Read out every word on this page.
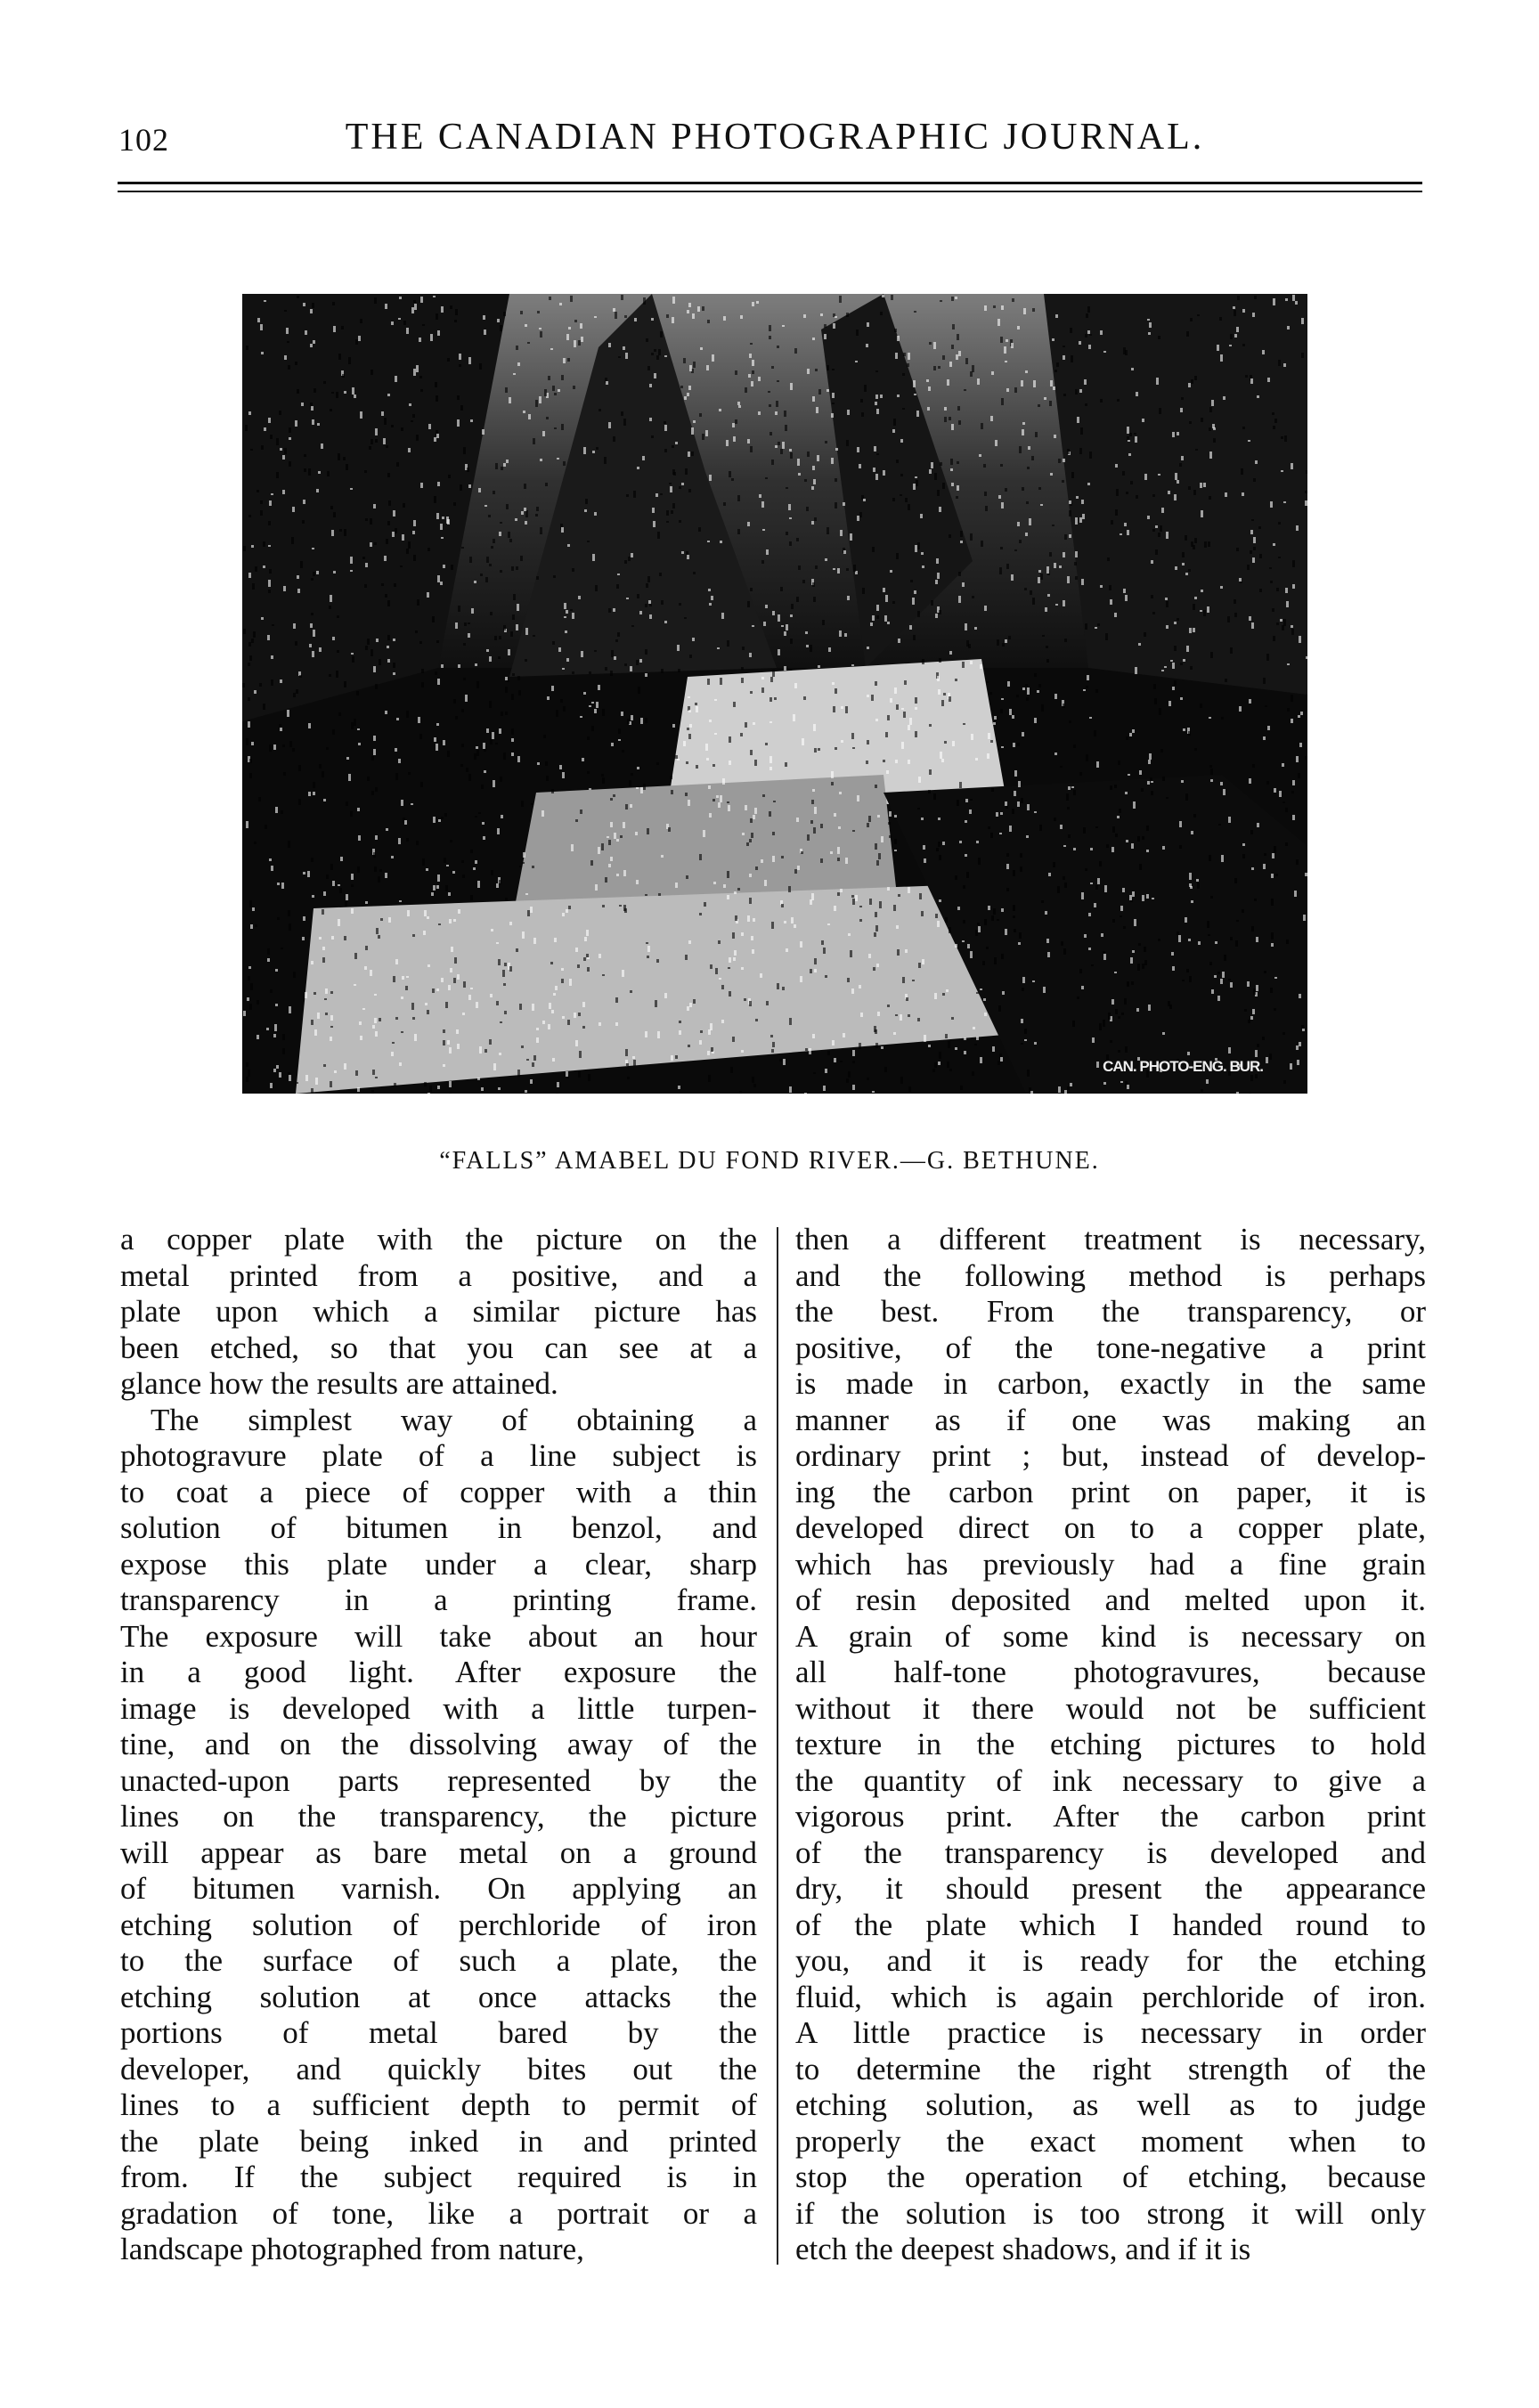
102	THE CANADIAN PHOTOGRAPHIC JOURNAL.
CAN. PHOTO-ENG. BUR.
“FALLS” AMABEL DU FOND RIVER.—G. BETHUNE.
a copper plate with the picture on the
metal printed from a positive, and a
plate upon which a similar picture has
been etched, so that you can see at a
glance how the results are attained.
The simplest way of obtaining a
photogravure plate of a line subject is
to coat a piece of copper with a thin
solution of bitumen in benzol, and
expose this plate under a clear, sharp
transparency in a printing frame.
The exposure will take about an hour
in a good light. After exposure the
image is developed with a little turpen-
tine, and on the dissolving away of the
unacted-upon parts represented by the
lines on the transparency, the picture
will appear as bare metal on a ground
of bitumen varnish. On applying an
etching solution of perchloride of iron
to the surface of such a plate, the
etching solution at once attacks the
portions of metal bared by the
developer, and quickly bites out the
lines to a sufficient depth to permit of
the plate being inked in and printed
from. If the subject required is in
gradation of tone, like a portrait or a
landscape photographed from nature,
then a different treatment is necessary,
and the following method is perhaps
the best. From the transparency, or
positive, of the tone-negative a print
is made in carbon, exactly in the same
manner as if one was making an
ordinary print ; but, instead of develop-
ing the carbon print on paper, it is
developed direct on to a copper plate,
which has previously had a fine grain
of resin deposited and melted upon it.
A grain of some kind is necessary on
all half-tone photogravures, because
without it there would not be sufficient
texture in the etching pictures to hold
the quantity of ink necessary to give a
vigorous print. After the carbon print
of the transparency is developed and
dry, it should present the appearance
of the plate which I handed round to
you, and it is ready for the etching
fluid, which is again perchloride of iron.
A little practice is necessary in order
to determine the right strength of the
etching solution, as well as to judge
properly the exact moment when to
stop the operation of etching, because
if the solution is too strong it will only
etch the deepest shadows, and if it is
